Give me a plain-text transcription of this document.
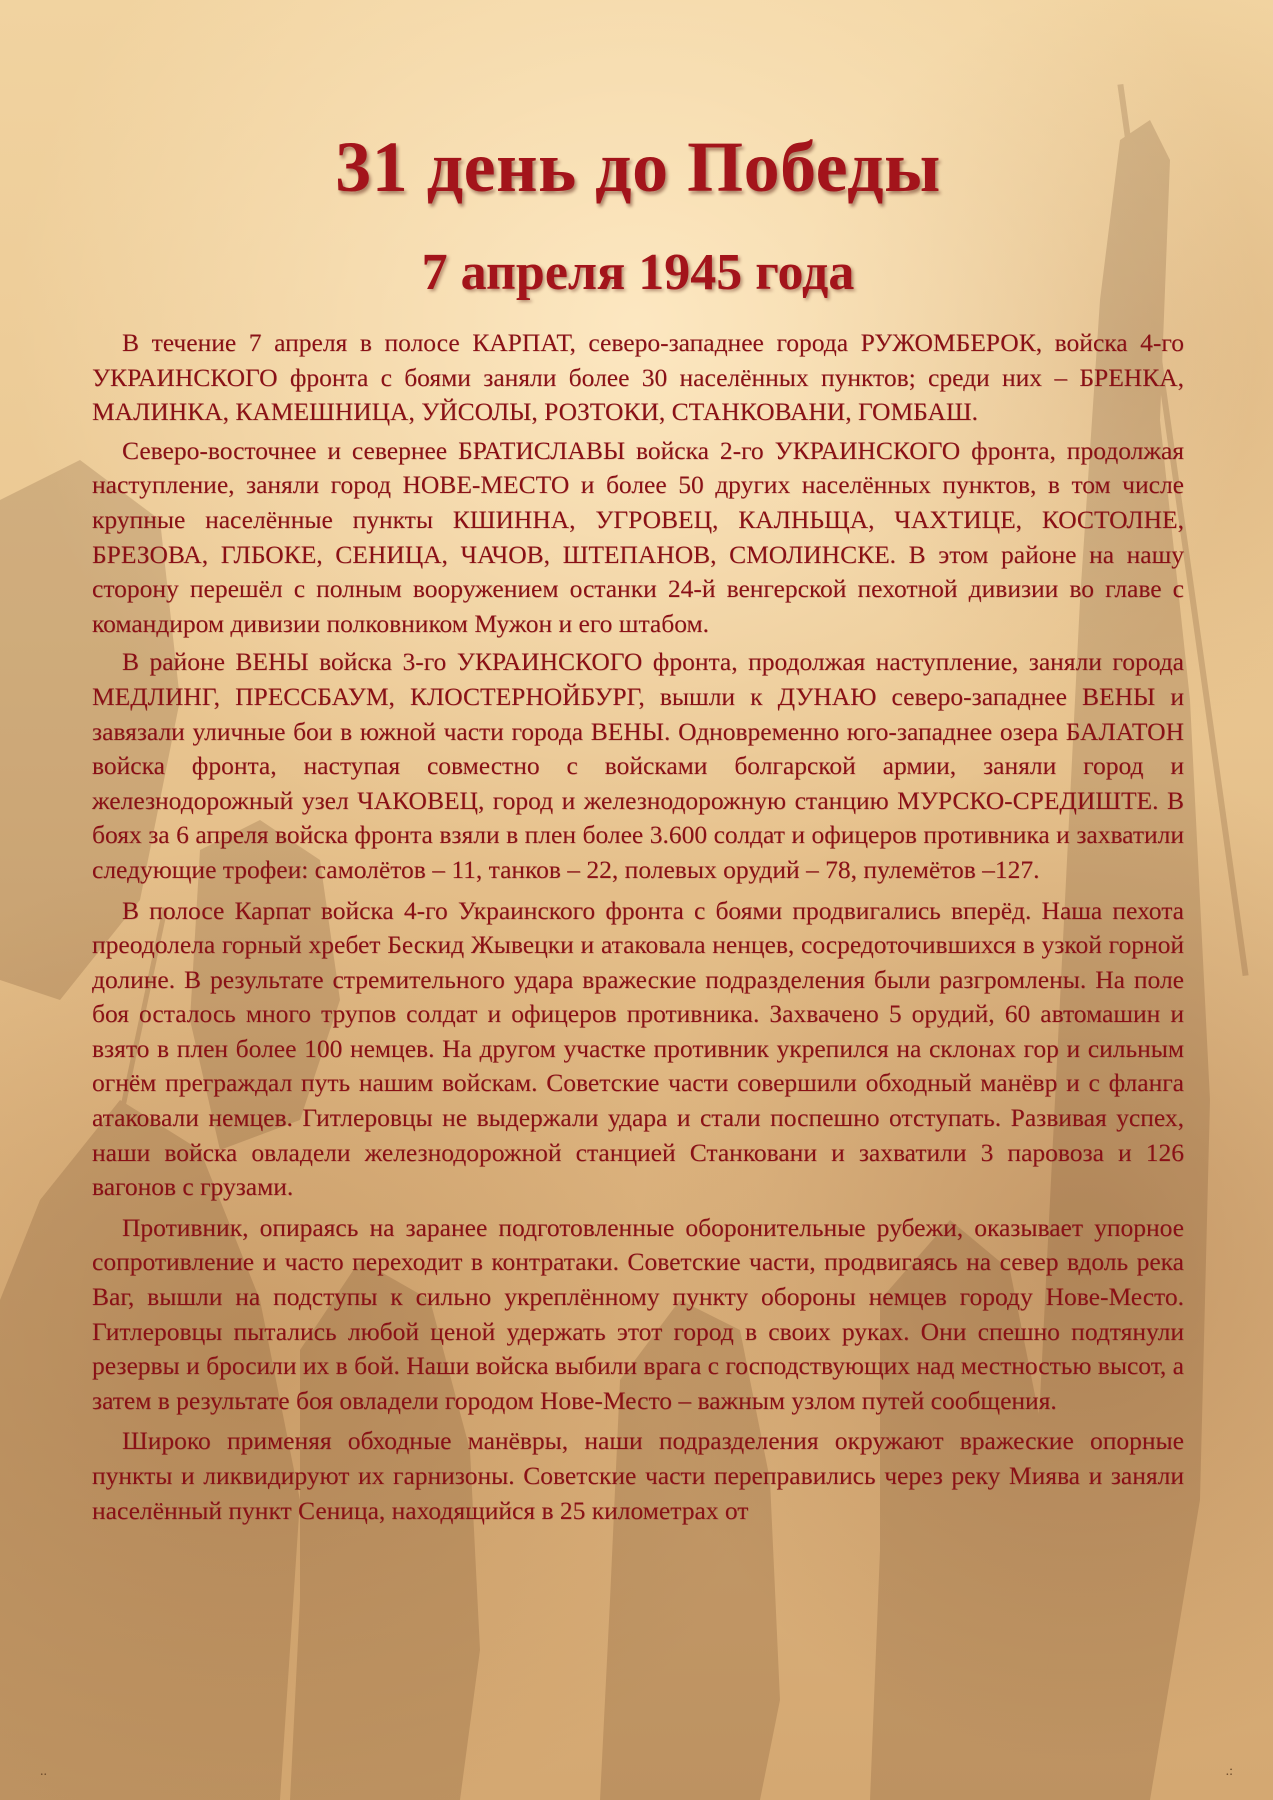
31 день до Победы
7 апреля 1945 года

В течение 7 апреля в полосе КАРПАТ, северо-западнее города РУЖОМБЕРОК, войска 4-го УКРАИНСКОГО фронта с боями заняли более 30 населённых пунктов; среди них – БРЕНКА, МАЛИНКА, КАМЕШНИЦА, УЙСОЛЫ, РОЗТОКИ, СТАНКОВАНИ, ГОМБАШ.

Северо-восточнее и севернее БРАТИСЛАВЫ войска 2-го УКРАИНСКОГО фронта, продолжая наступление, заняли город НОВЕ-МЕСТО и более 50 других населённых пунктов, в том числе крупные населённые пункты КШИННА, УГРОВЕЦ, КАЛНЬЩА, ЧАХТИЦЕ, КОСТОЛНЕ, БРЕЗОВА, ГЛБОКЕ, СЕНИЦА, ЧАЧОВ, ШТЕПАНОВ, СМОЛИНСКЕ. В этом районе на нашу сторону перешёл с полным вооружением останки 24-й венгерской пехотной дивизии во главе с командиром дивизии полковником Мужон и его штабом.

В районе ВЕНЫ войска 3-го УКРАИНСКОГО фронта, продолжая наступление, заняли города МЕДЛИНГ, ПРЕССБАУМ, КЛОСТЕРНОЙБУРГ, вышли к ДУНАЮ северо-западнее ВЕНЫ и завязали уличные бои в южной части города ВЕНЫ. Одновременно юго-западнее озера БАЛАТОН войска фронта, наступая совместно с войсками болгарской армии, заняли город и железнодорожный узел ЧАКОВЕЦ, город и железнодорожную станцию МУРСКО-СРЕДИШТЕ. В боях за 6 апреля войска фронта взяли в плен более 3.600 солдат и офицеров противника и захватили следующие трофеи: самолётов – 11, танков – 22, полевых орудий – 78, пулемётов –127.

В полосе Карпат войска 4-го Украинского фронта с боями продвигались вперёд. Наша пехота преодолела горный хребет Бескид Жывецки и атаковала ненцев, сосредоточившихся в узкой горной долине. В результате стремительного удара вражеские подразделения были разгромлены. На поле боя осталось много трупов солдат и офицеров противника. Захвачено 5 орудий, 60 автомашин и взято в плен более 100 немцев. На другом участке противник укрепился на склонах гор и сильным огнём преграждал путь нашим войскам. Советские части совершили обходный манёвр и с фланга атаковали немцев. Гитлеровцы не выдержали удара и стали поспешно отступать. Развивая успех, наши войска овладели железнодорожной станцией Станковани и захватили 3 паровоза и 126 вагонов с грузами.

Противник, опираясь на заранее подготовленные оборонительные рубежи, оказывает упорное сопротивление и часто переходит в контратаки. Советские части, продвигаясь на север вдоль река Ваг, вышли на подступы к сильно укреплённому пункту обороны немцев городу Нове-Место. Гитлеровцы пытались любой ценой удержать этот город в своих руках. Они спешно подтянули резервы и бросили их в бой. Наши войска выбили врага с господствующих над местностью высот, а затем в результате боя овладели городом Нове-Место – важным узлом путей сообщения.

Широко применяя обходные манёвры, наши подразделения окружают вражеские опорные пункты и ликвидируют их гарнизоны. Советские части переправились через реку Миява и заняли населённый пункт Сеница, находящийся в 25 километрах от

..	.:
